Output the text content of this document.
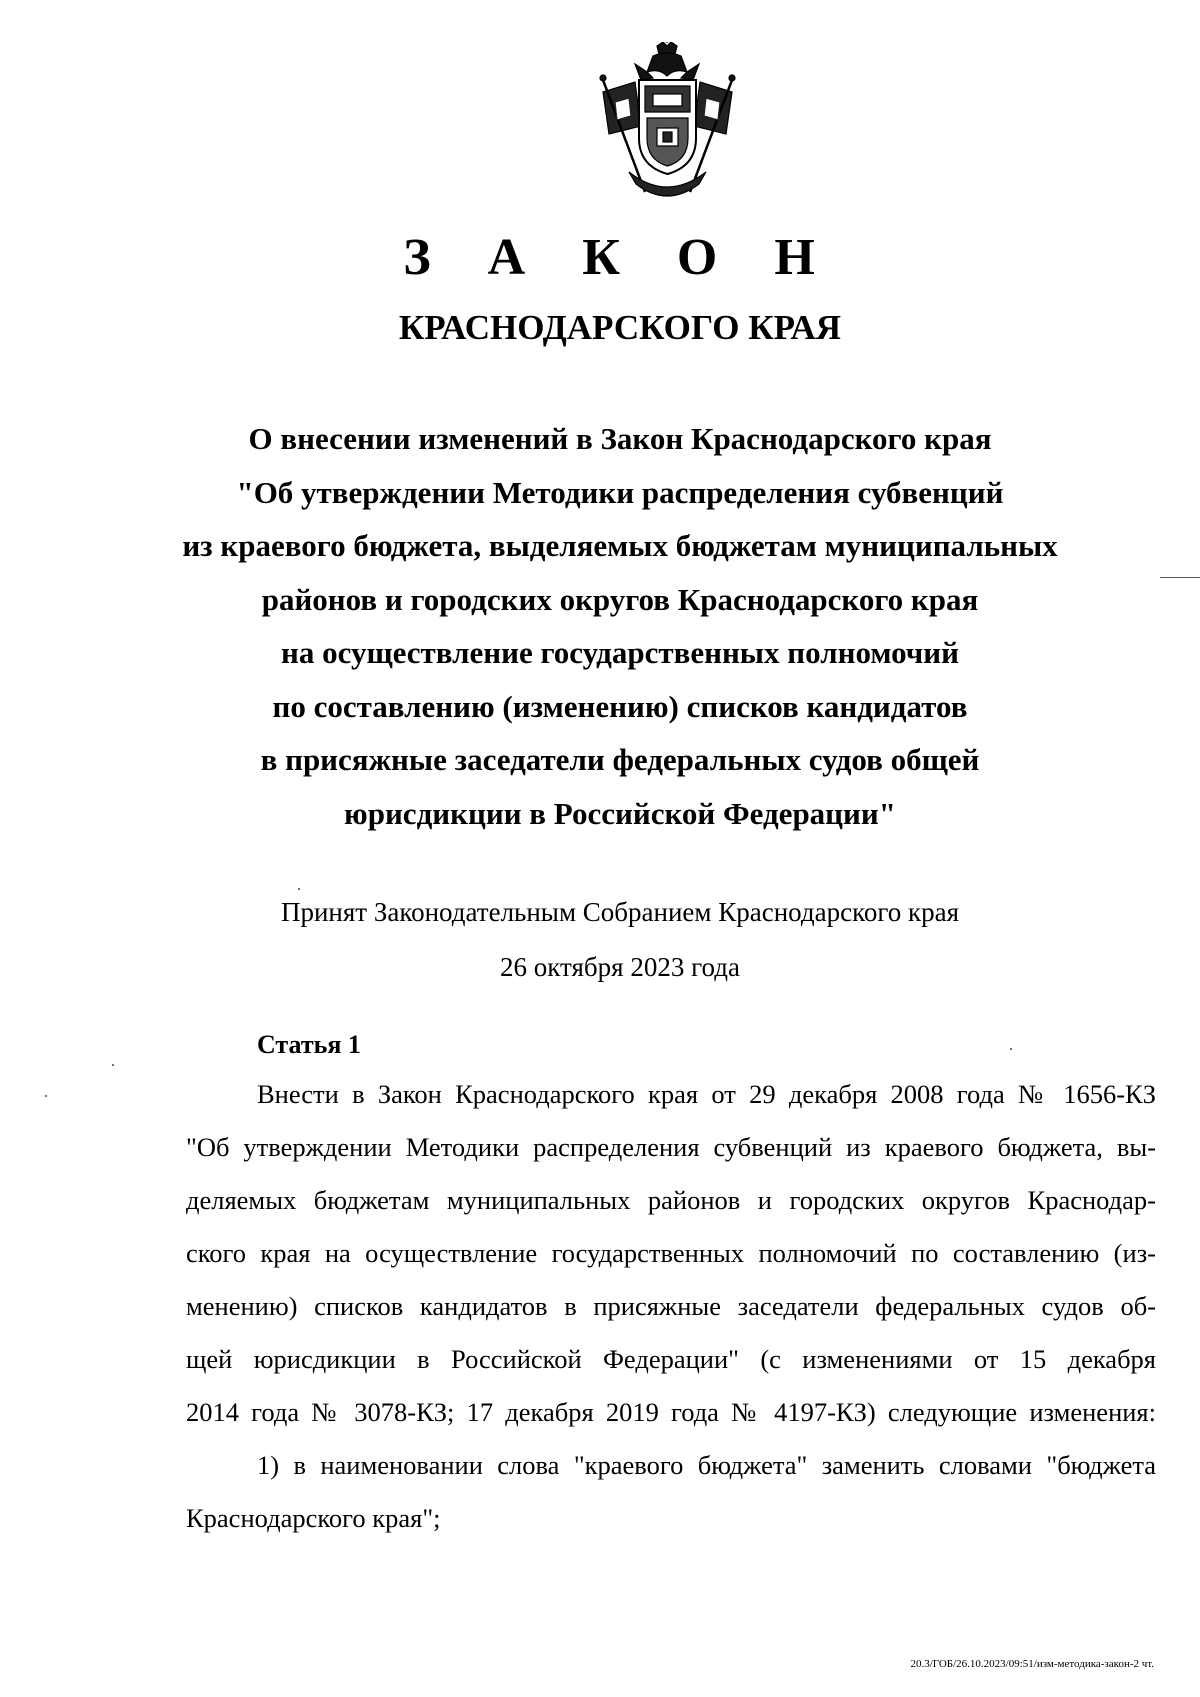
З А К О Н
КРАСНОДАРСКОГО КРАЯ
О внесении изменений в Закон Краснодарского края
"Об утверждении Методики распределения субвенций
из краевого бюджета, выделяемых бюджетам муниципальных
районов и городских округов Краснодарского края
на осуществление государственных полномочий
по составлению (изменению) списков кандидатов
в присяжные заседатели федеральных судов общей
юрисдикции в Российской Федерации"
Принят Законодательным Собранием Краснодарского края
26 октября 2023 года
Статья 1
Внести в Закон Краснодарского края от 29 декабря 2008 года № 1656-КЗ
"Об утверждении Методики распределения субвенций из краевого бюджета, вы-
деляемых бюджетам муниципальных районов и городских округов Краснодар-
ского края на осуществление государственных полномочий по составлению (из-
менению) списков кандидатов в присяжные заседатели федеральных судов об-
щей юрисдикции в Российской Федерации" (с изменениями от 15 декабря
2014 года № 3078-КЗ; 17 декабря 2019 года № 4197-КЗ) следующие изменения:
1) в наименовании слова "краевого бюджета" заменить словами "бюджета
Краснодарского края";
20.3/ГОБ/26.10.2023/09:51/изм-методика-закон-2 чт.
